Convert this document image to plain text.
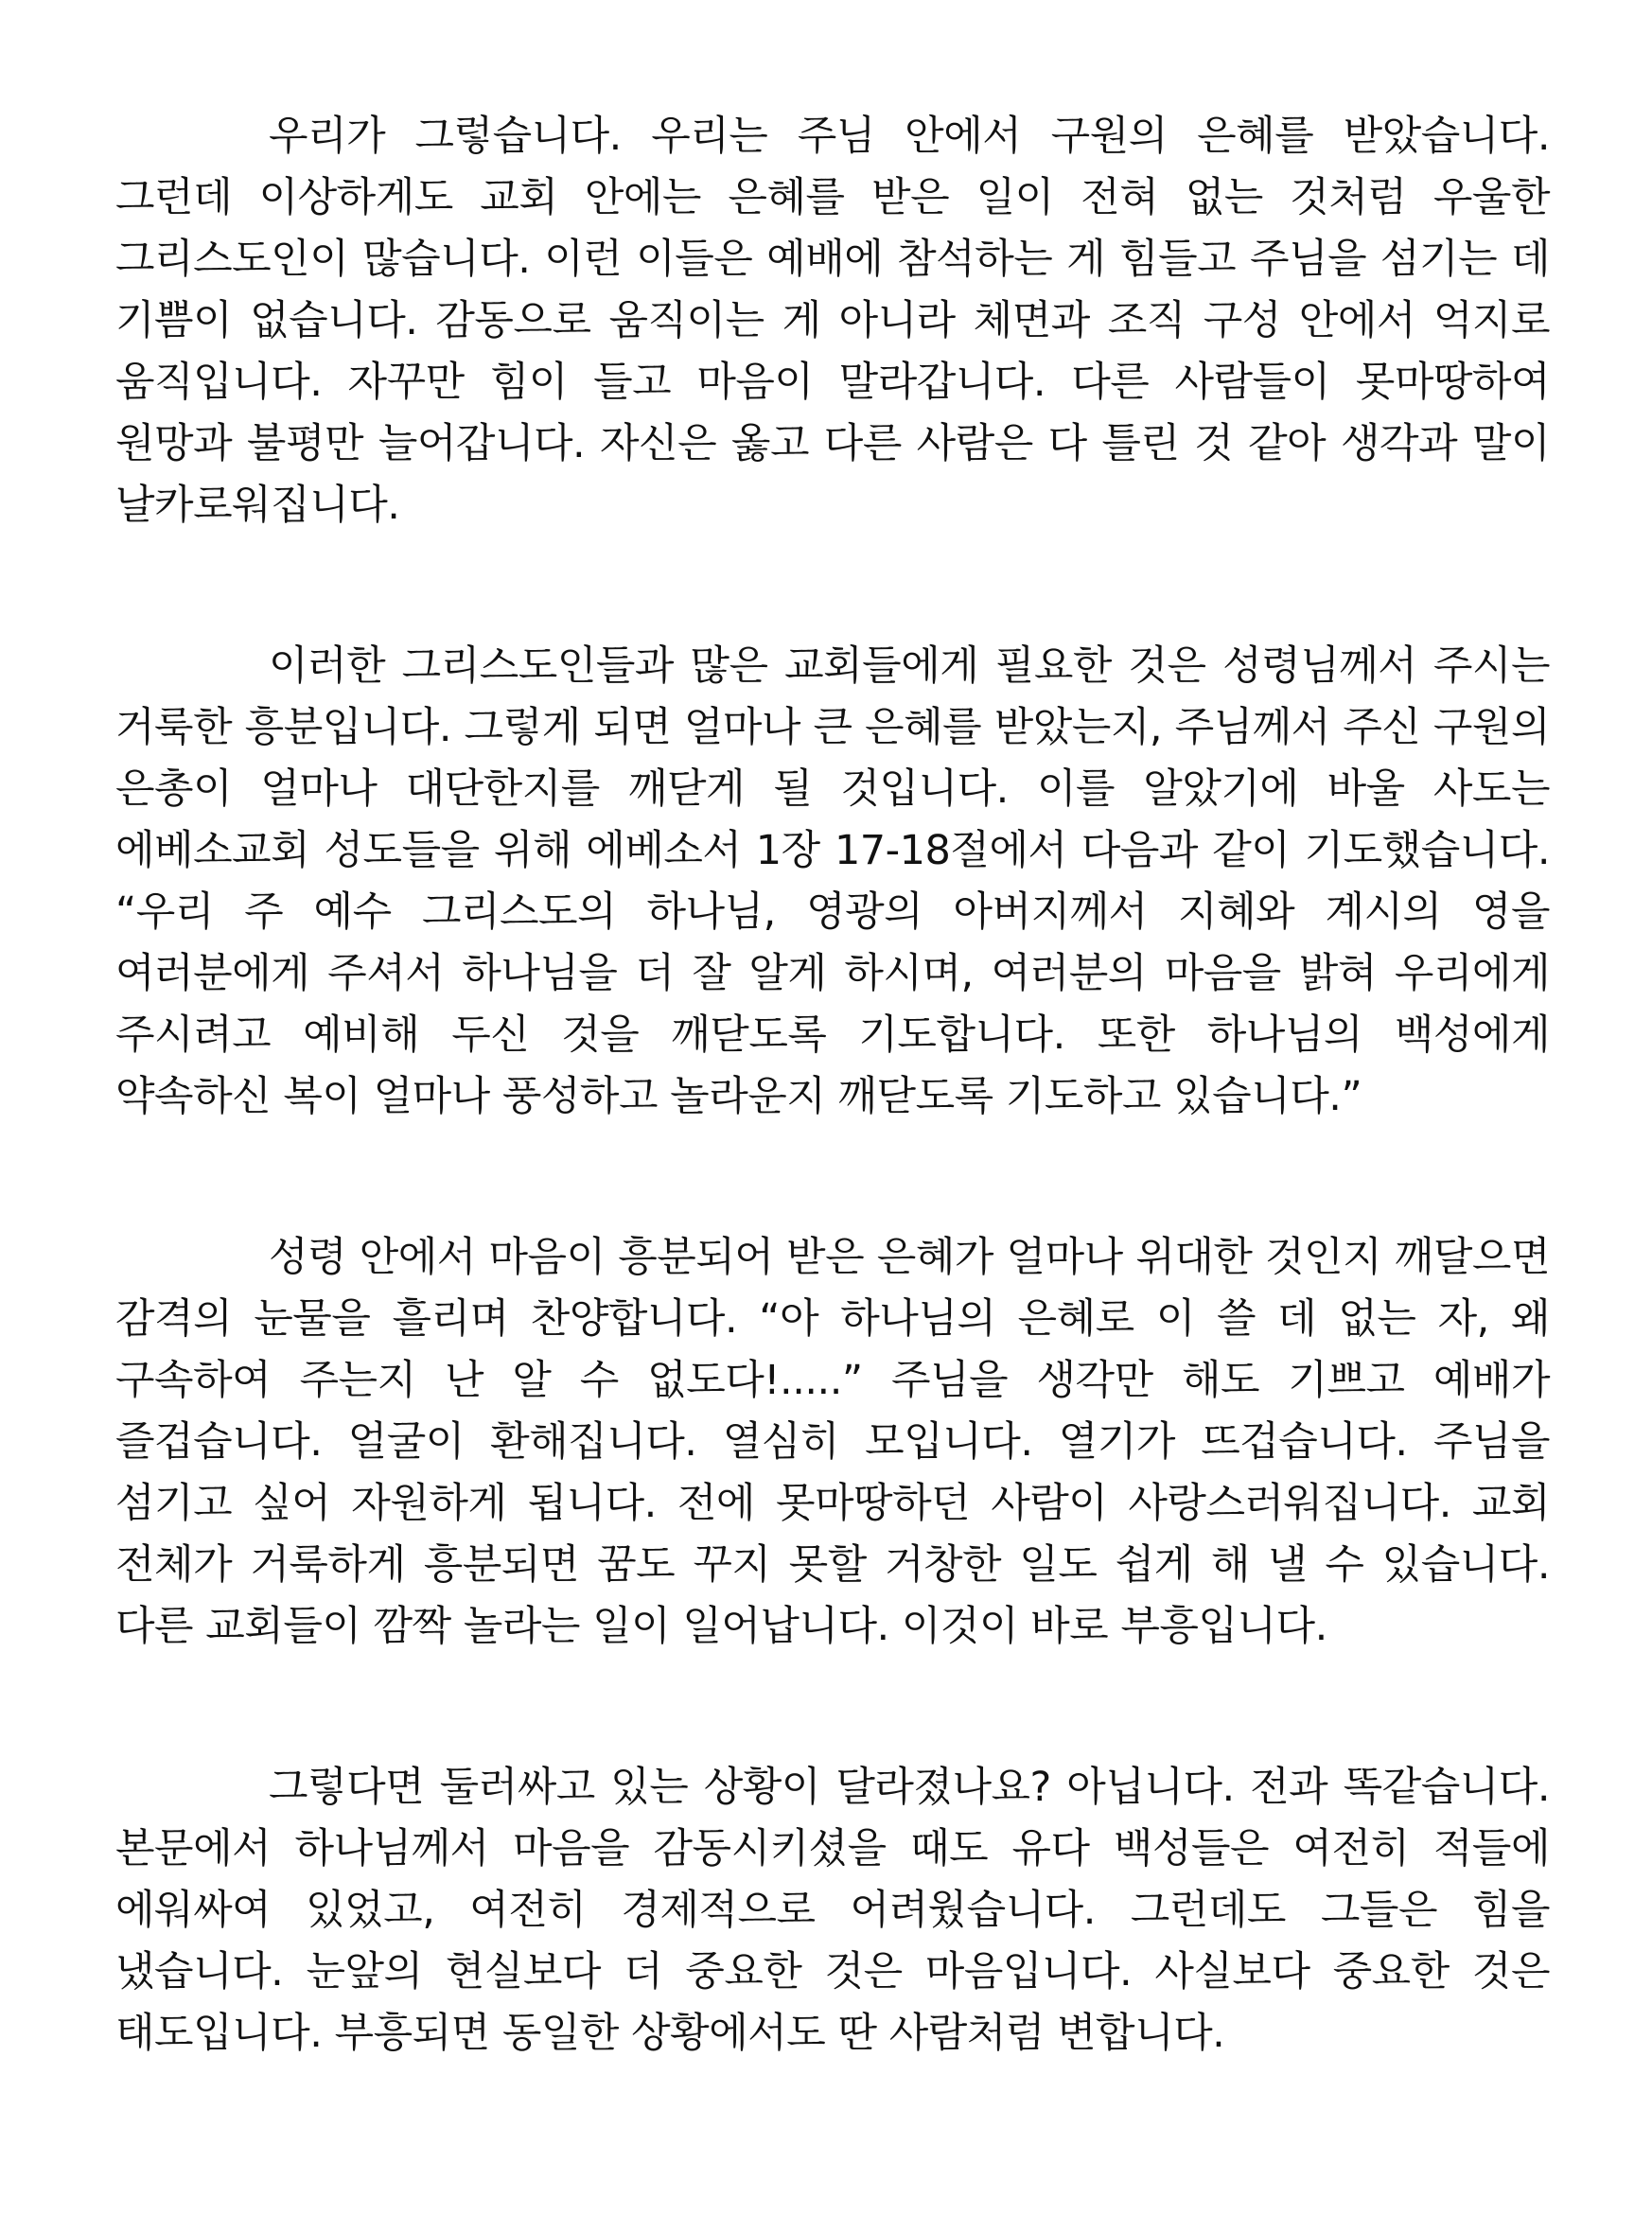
우리가 그렇습니다. 우리는 주님 안에서 구원의 은혜를 받았습니다. 그런데 이상하게도 교회 안에는 은혜를 받은 일이 전혀 없는 것처럼 우울한 그리스도인이 많습니다. 이런 이들은 예배에 참석하는 게 힘들고 주님을 섬기는 데 기쁨이 없습니다. 감동으로 움직이는 게 아니라 체면과 조직 구성 안에서 억지로 움직입니다. 자꾸만 힘이 들고 마음이 말라갑니다. 다른 사람들이 못마땅하여 원망과 불평만 늘어갑니다. 자신은 옳고 다른 사람은 다 틀린 것 같아 생각과 말이 날카로워집니다.

이러한 그리스도인들과 많은 교회들에게 필요한 것은 성령님께서 주시는 거룩한 흥분입니다. 그렇게 되면 얼마나 큰 은혜를 받았는지, 주님께서 주신 구원의 은총이 얼마나 대단한지를 깨닫게 될 것입니다. 이를 알았기에 바울 사도는 에베소교회 성도들을 위해 에베소서 1장 17-18절에서 다음과 같이 기도했습니다. “우리 주 예수 그리스도의 하나님, 영광의 아버지께서 지혜와 계시의 영을 여러분에게 주셔서 하나님을 더 잘 알게 하시며, 여러분의 마음을 밝혀 우리에게 주시려고 예비해 두신 것을 깨닫도록 기도합니다. 또한 하나님의 백성에게 약속하신 복이 얼마나 풍성하고 놀라운지 깨닫도록 기도하고 있습니다.”

성령 안에서 마음이 흥분되어 받은 은혜가 얼마나 위대한 것인지 깨달으면 감격의 눈물을 흘리며 찬양합니다. “아 하나님의 은혜로 이 쓸 데 없는 자, 왜 구속하여 주는지 난 알 수 없도다!.....” 주님을 생각만 해도 기쁘고 예배가 즐겁습니다. 얼굴이 환해집니다. 열심히 모입니다. 열기가 뜨겁습니다. 주님을 섬기고 싶어 자원하게 됩니다. 전에 못마땅하던 사람이 사랑스러워집니다. 교회 전체가 거룩하게 흥분되면 꿈도 꾸지 못할 거창한 일도 쉽게 해 낼 수 있습니다. 다른 교회들이 깜짝 놀라는 일이 일어납니다. 이것이 바로 부흥입니다.

그렇다면 둘러싸고 있는 상황이 달라졌나요? 아닙니다. 전과 똑같습니다. 본문에서 하나님께서 마음을 감동시키셨을 때도 유다 백성들은 여전히 적들에 에워싸여 있었고, 여전히 경제적으로 어려웠습니다. 그런데도 그들은 힘을 냈습니다. 눈앞의 현실보다 더 중요한 것은 마음입니다. 사실보다 중요한 것은 태도입니다. 부흥되면 동일한 상황에서도 딴 사람처럼 변합니다.
